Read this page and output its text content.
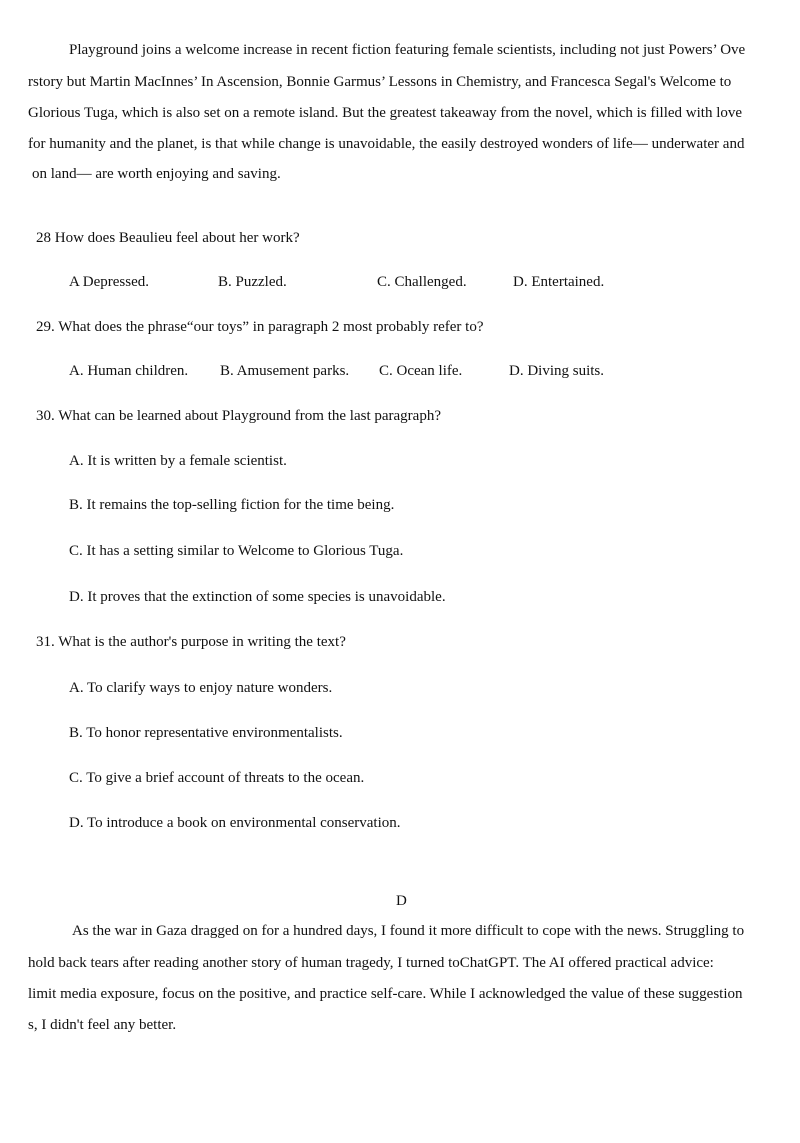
Playground joins a welcome increase in recent fiction featuring female scientists, including not just Powers’ Ove
rstory but Martin MacInnes’ In Ascension, Bonnie Garmus’ Lessons in Chemistry, and Francesca Segal's Welcome to
Glorious Tuga, which is also set on a remote island. But the greatest takeaway from the novel, which is filled with love
for humanity and the planet, is that while change is unavoidable, the easily destroyed wonders of life— underwater and
on land— are worth enjoying and saving.
28 How does Beaulieu feel about her work?
A Depressed.	B. Puzzled.	C. Challenged.	D. Entertained.
29. What does the phrase“our toys” in paragraph 2 most probably refer to?
A. Human children. B. Amusement parks. C. Ocean life.	D. Diving suits.
30. What can be learned about Playground from the last paragraph?
A. It is written by a female scientist.
B. It remains the top-selling fiction for the time being.
C. It has a setting similar to Welcome to Glorious Tuga.
D. It proves that the extinction of some species is unavoidable.
31. What is the author's purpose in writing the text?
A. To clarify ways to enjoy nature wonders.
B. To honor representative environmentalists.
C. To give a brief account of threats to the ocean.
D. To introduce a book on environmental conservation.
D
As the war in Gaza dragged on for a hundred days, I found it more difficult to cope with the news. Struggling to
hold back tears after reading another story of human tragedy, I turned toChatGPT. The AI offered practical advice:
limit media exposure, focus on the positive, and practice self-care. While I acknowledged the value of these suggestion
s, I didn't feel any better.
